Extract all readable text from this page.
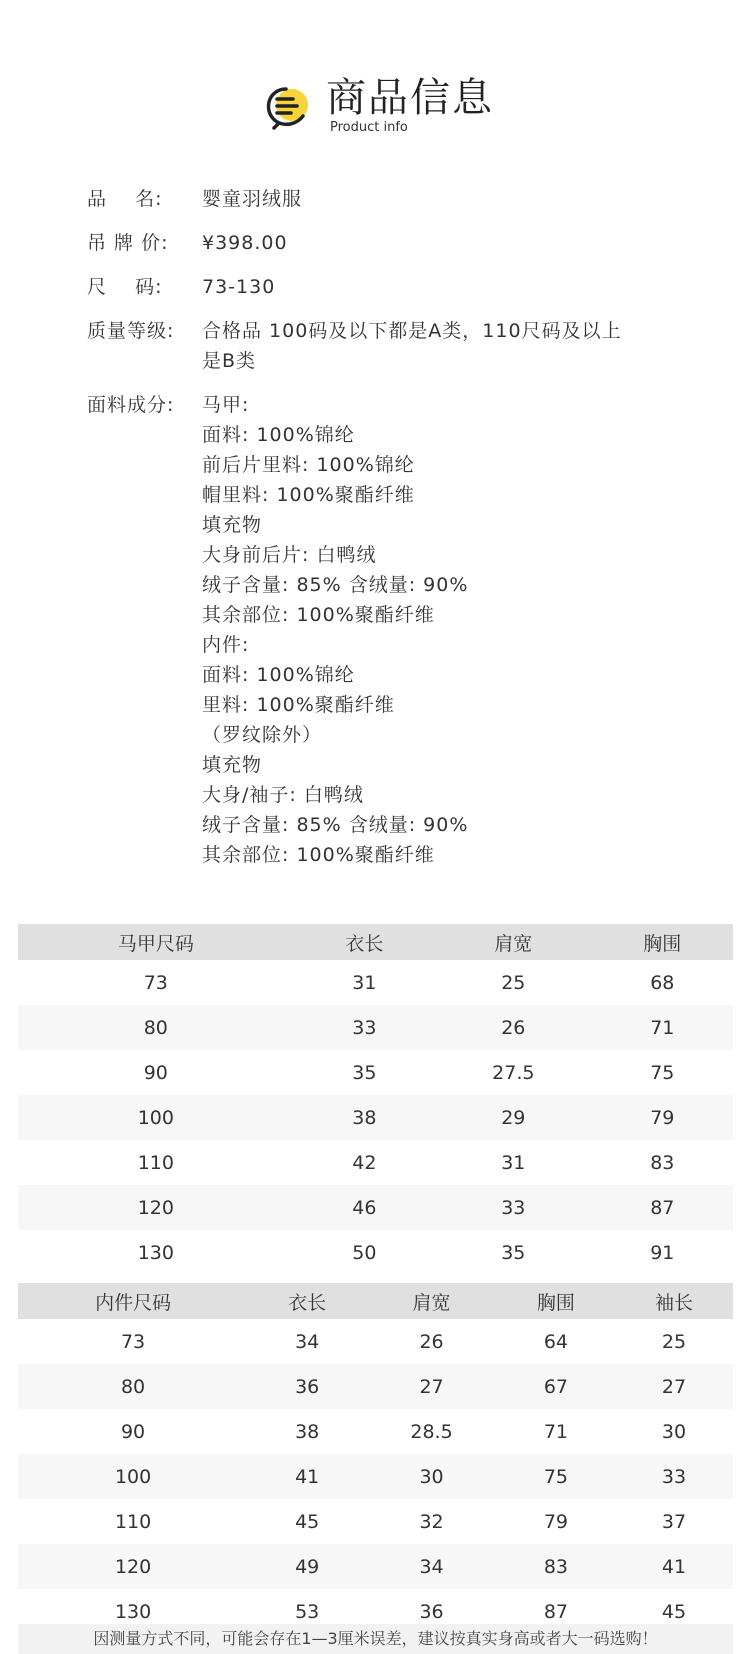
商品信息
Product info
品    名:	婴童羽绒服
吊 牌 价:	¥398.00
尺    码:	73-130
质量等级:	合格品 100码及以下都是A类，110尺码及以上
是B类
面料成分:	马甲:
面料: 100%锦纶
前后片里料: 100%锦纶
帽里料: 100%聚酯纤维
填充物
大身前后片: 白鸭绒
绒子含量: 85% 含绒量: 90%
其余部位: 100%聚酯纤维
内件:
面料: 100%锦纶
里料: 100%聚酯纤维
（罗纹除外）
填充物
大身/袖子: 白鸭绒
绒子含量: 85% 含绒量: 90%
其余部位: 100%聚酯纤维
马甲尺码	衣长	肩宽	胸围
73	31	25	68
80	33	26	71
90	35	27.5	75
100	38	29	79
110	42	31	83
120	46	33	87
130	50	35	91
内件尺码	衣长	肩宽	胸围	袖长
73	34	26	64	25
80	36	27	67	27
90	38	28.5	71	30
100	41	30	75	33
110	45	32	79	37
120	49	34	83	41
130	53	36	87	45
因测量方式不同，可能会存在1—3厘米误差，建议按真实身高或者大一码选购！
